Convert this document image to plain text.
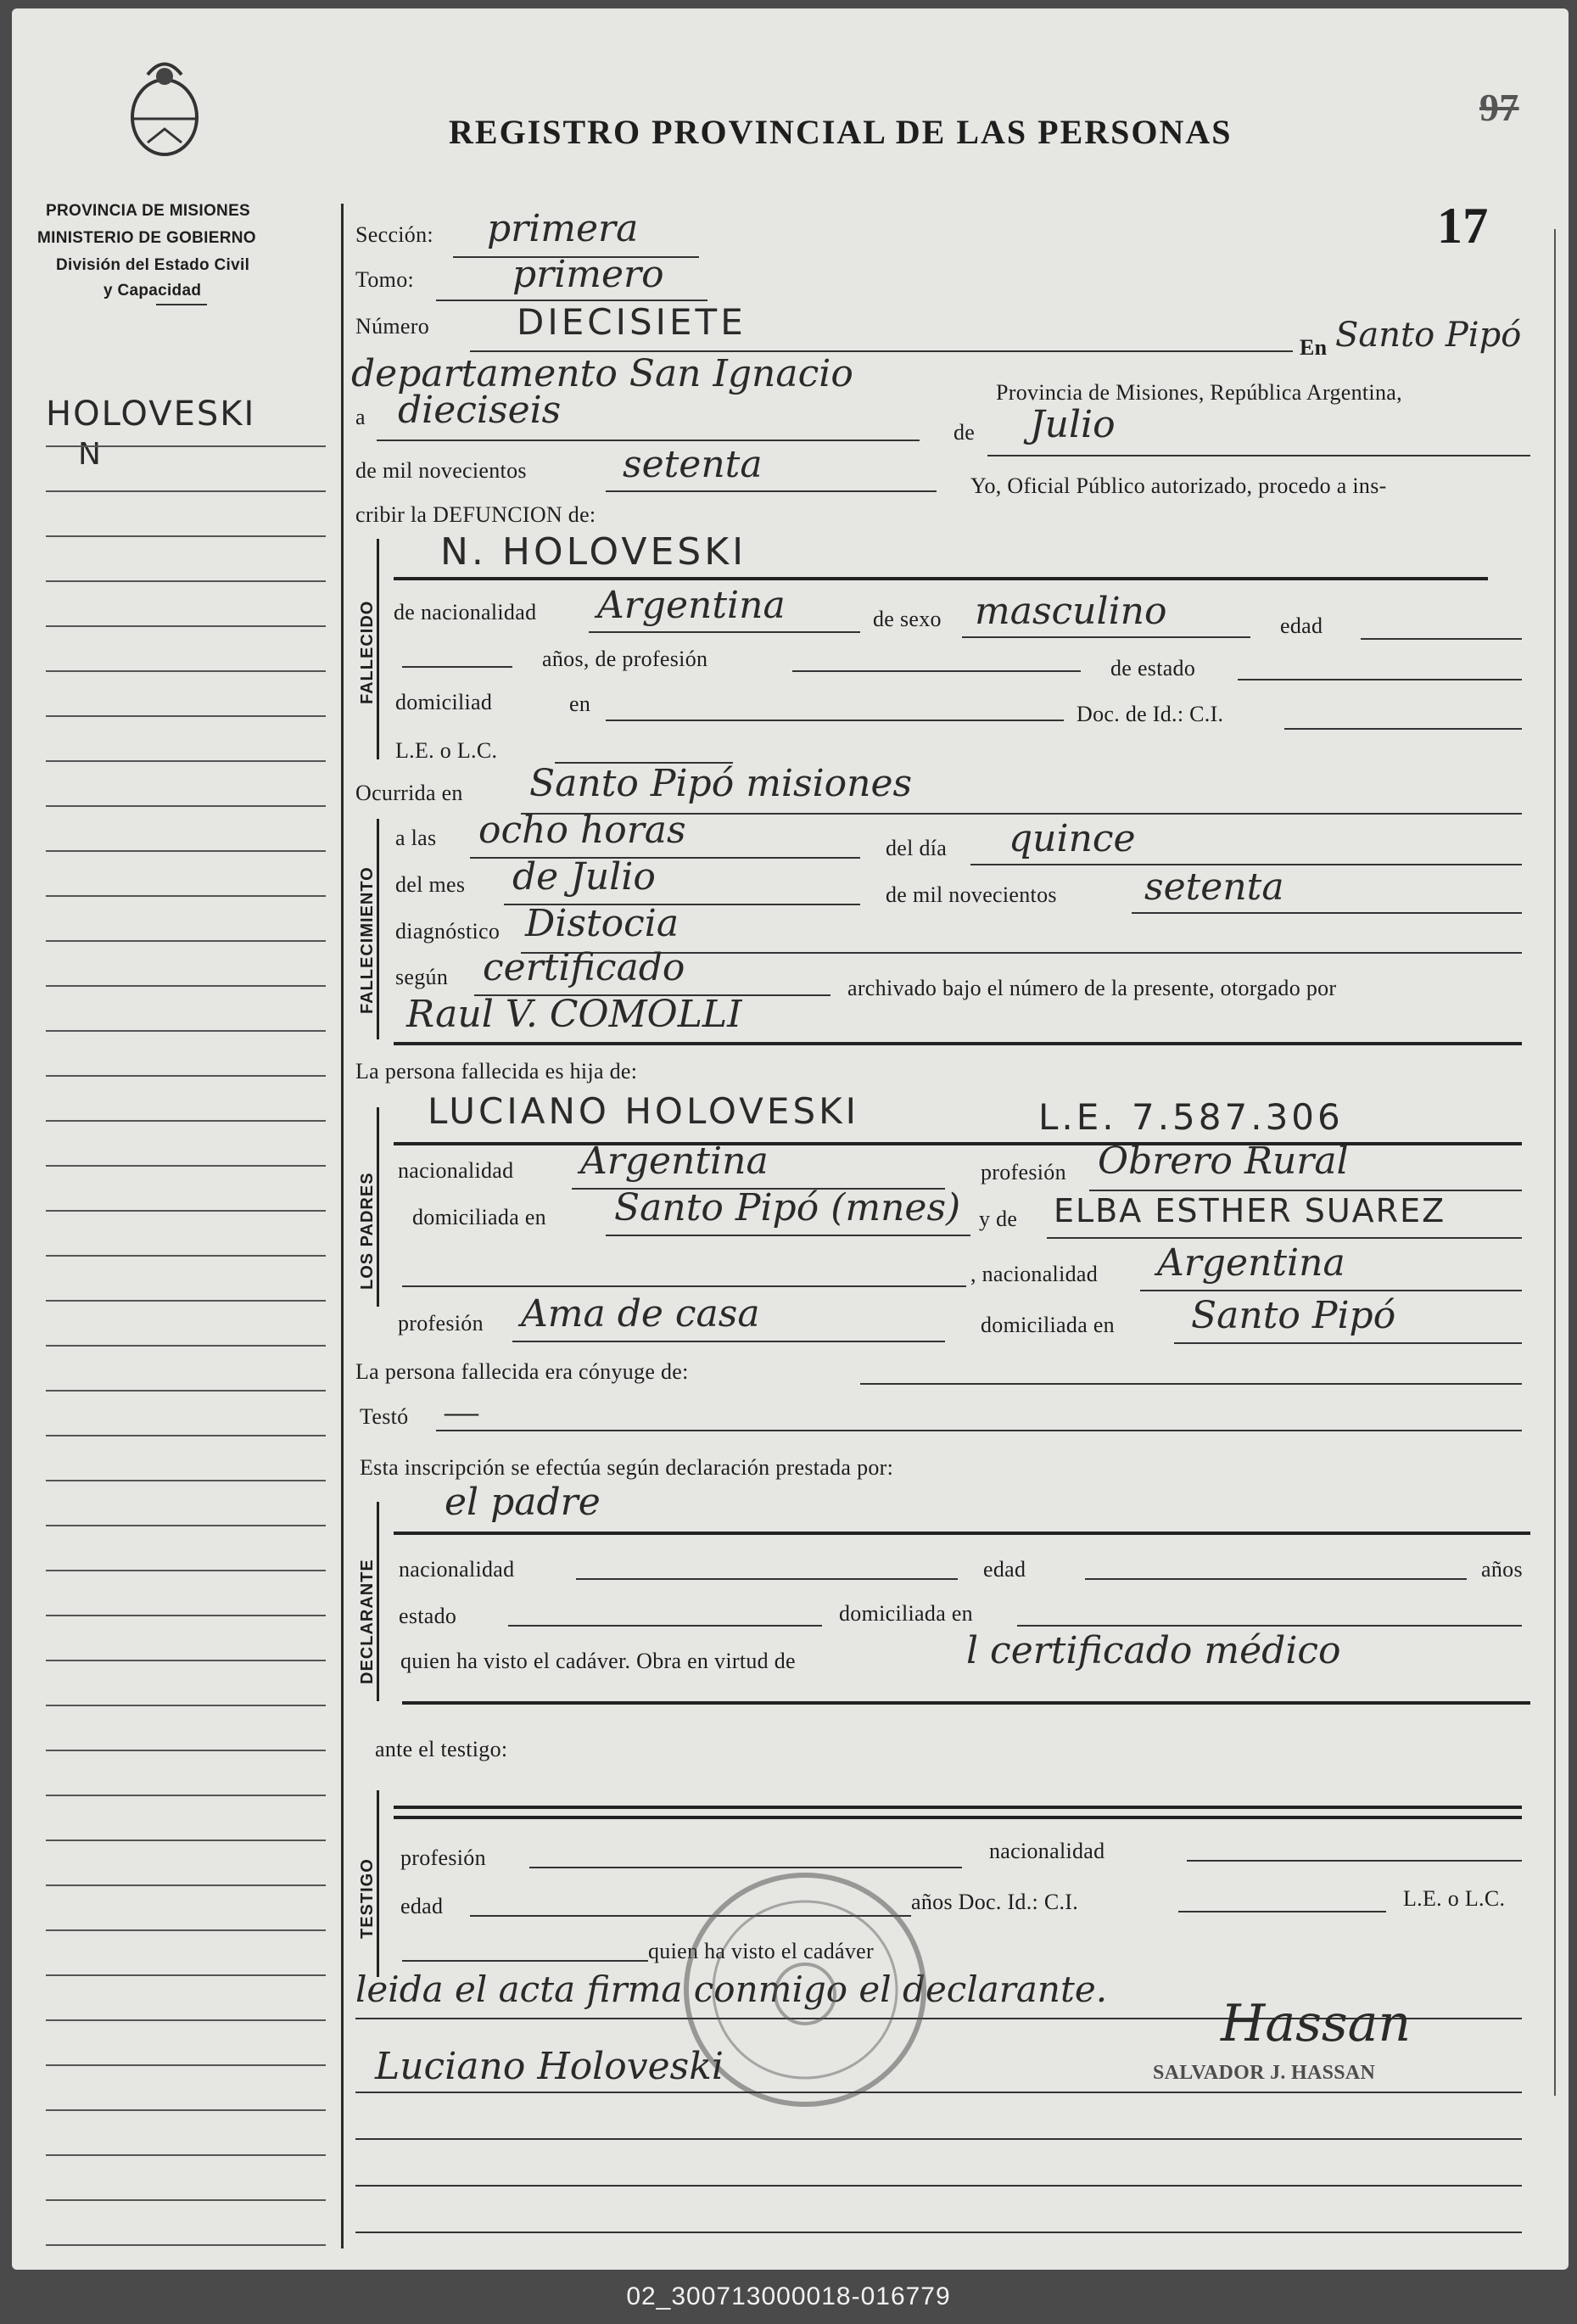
PROVINCIA DE MISIONES
MINISTERIO DE GOBIERNO
División del Estado Civil
y Capacidad
HOLOVESKI
N
REGISTRO PROVINCIAL DE LAS PERSONAS
97
17
Sección: primera
Tomo:	primero
Número DIECISIETE
En Santo Pipó
departamento San Ignacio	Provincia de Misiones, República Argentina,
a dieciseis
de Julio
de mil novecientos	setenta	Yo, Oficial Público autorizado, procedo a ins-
cribir la DEFUNCION de:
FALLECIDO
N. HOLOVESKI
de nacionalidad Argentina	de sexo masculino	edad
años, de profesión	de estado
domiciliad	en	Doc. de Id.: C.I.
L.E. o L.C.
Ocurrida en Santo Pipó misiones
FALLECIMIENTO
a las ocho horas	del día quince
del mes de Julio	de mil novecientos setenta
diagnóstico Distocia
según certificado	archivado bajo el número de la presente, otorgado por
Raul V. COMOLLI
La persona fallecida es hija de:
LOS PADRES
LUCIANO HOLOVESKI	L.E. 7.587.306
nacionalidad Argentina	profesión Obrero Rural
domiciliada en Santo Pipó (mnes) y de ELBA ESTHER SUAREZ
, nacionalidad Argentina
profesión Ama de casa	domiciliada en Santo Pipó
La persona fallecida era cónyuge de:
Testó —
Esta inscripción se efectúa según declaración prestada por:
DECLARANTE
el padre
nacionalidad	edad	años
estado	domiciliada en
quien ha visto el cadáver. Obra en virtud de	l certificado médico
ante el testigo:
TESTIGO
profesión	nacionalidad
edad	años Doc. Id.: C.I.	L.E. o L.C.
quien ha visto el cadáver
leida el acta firma conmigo el declarante.
Luciano Holoveski
Hassan
SALVADOR J. HASSAN
02_300713000018-016779
